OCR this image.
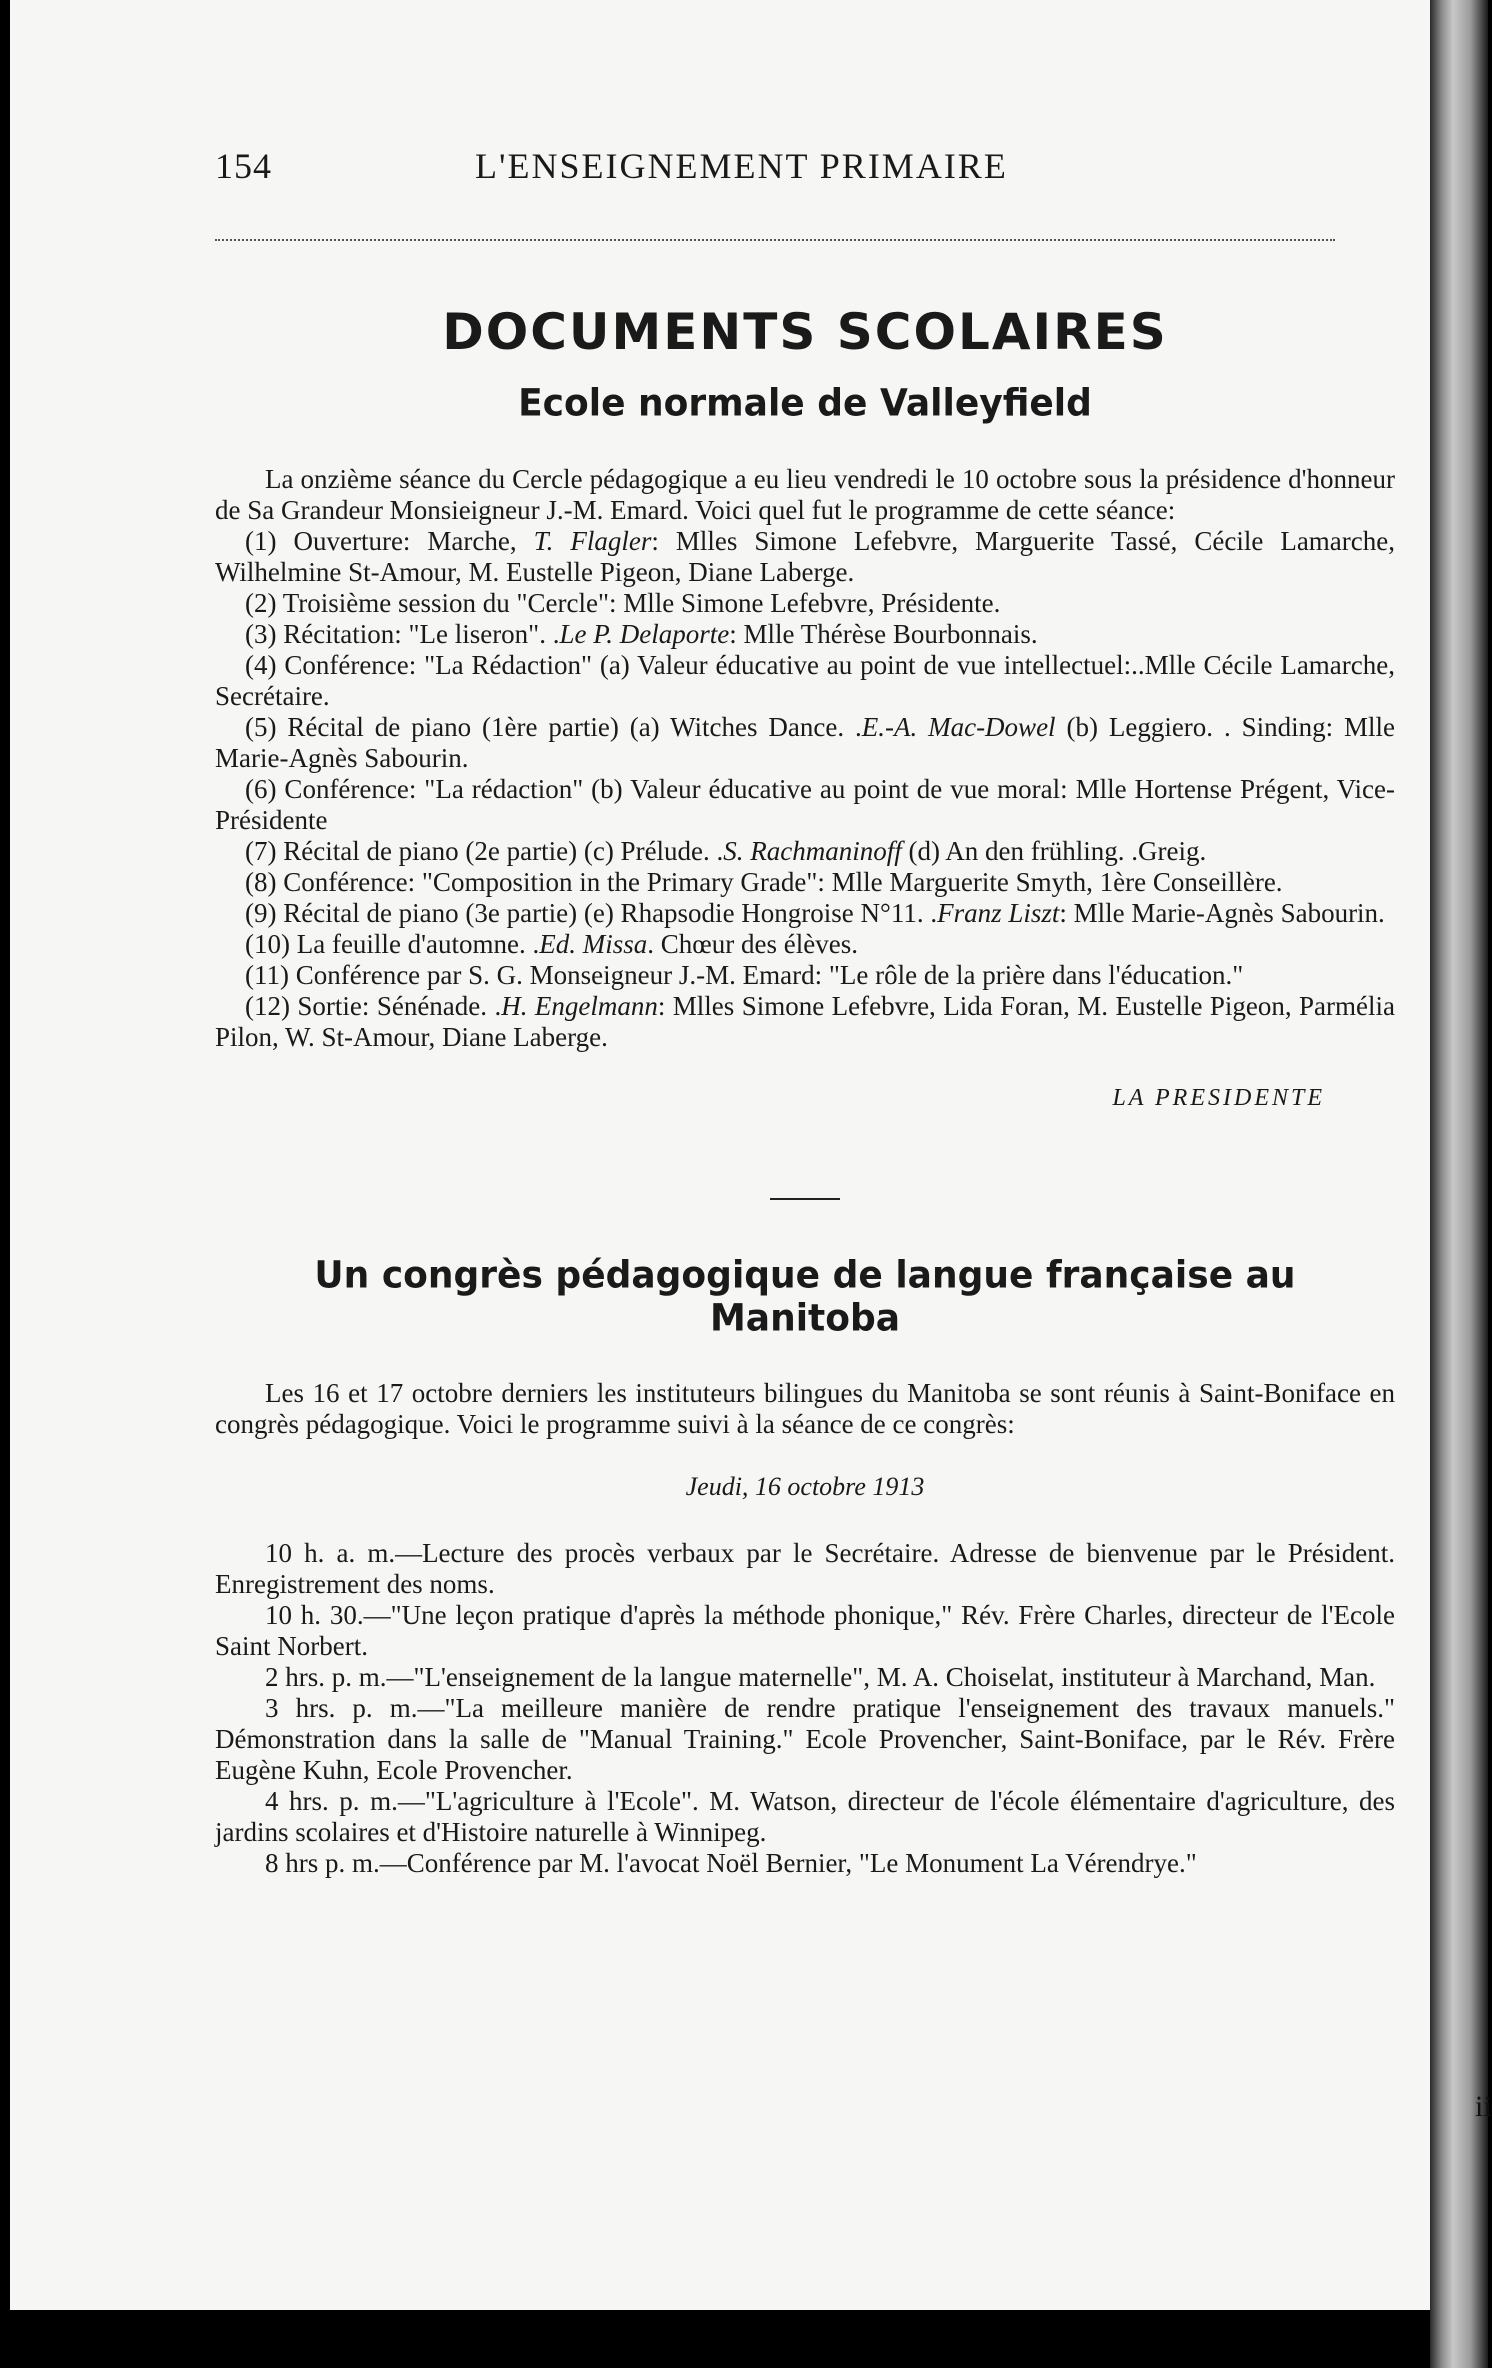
ii
154	L'ENSEIGNEMENT PRIMAIRE
DOCUMENTS SCOLAIRES
Ecole normale de Valleyfield

La onzième séance du Cercle pédagogique a eu lieu vendredi le 10 octobre sous la présidence d'honneur de Sa Grandeur Monsieigneur J.-M. Emard. Voici quel fut le programme de cette séance:

(1) Ouverture: Marche, T. Flagler: Mlles Simone Lefebvre, Marguerite Tassé, Cécile Lamarche, Wilhelmine St-Amour, M. Eustelle Pigeon, Diane Laberge.

(2) Troisième session du "Cercle": Mlle Simone Lefebvre, Présidente.

(3) Récitation: "Le liseron". .Le P. Delaporte: Mlle Thérèse Bourbonnais.

(4) Conférence: "La Rédaction" (a) Valeur éducative au point de vue intellectuel:..Mlle Cécile Lamarche, Secrétaire.

(5) Récital de piano (1ère partie) (a) Witches Dance. .E.-A. Mac-Dowel (b) Leggiero. . Sinding: Mlle Marie-Agnès Sabourin.

(6) Conférence: "La rédaction" (b) Valeur éducative au point de vue moral: Mlle Hortense Prégent, Vice-Présidente

(7) Récital de piano (2e partie) (c) Prélude. .S. Rachmaninoff (d) An den frühling. .Greig.

(8) Conférence: "Composition in the Primary Grade": Mlle Marguerite Smyth, 1ère Conseillère.

(9) Récital de piano (3e partie) (e) Rhapsodie Hongroise N°11. .Franz Liszt: Mlle Marie-Agnès Sabourin.

(10) La feuille d'automne. .Ed. Missa. Chœur des élèves.

(11) Conférence par S. G. Monseigneur J.-M. Emard: "Le rôle de la prière dans l'éducation."

(12) Sortie: Sénénade. .H. Engelmann: Mlles Simone Lefebvre, Lida Foran, M. Eustelle Pigeon, Parmélia Pilon, W. St-Amour, Diane Laberge.

LA PRESIDENTE
Un congrès pédagogique de langue française au Manitoba

Les 16 et 17 octobre derniers les instituteurs bilingues du Manitoba se sont réunis à Saint-Boniface en congrès pédagogique. Voici le programme suivi à la séance de ce congrès:

Jeudi, 16 octobre 1913

10 h. a. m.—Lecture des procès verbaux par le Secrétaire. Adresse de bienvenue par le Président. Enregistrement des noms.

10 h. 30.—"Une leçon pratique d'après la méthode phonique," Rév. Frère Charles, directeur de l'Ecole Saint Norbert.

2 hrs. p. m.—"L'enseignement de la langue maternelle", M. A. Choiselat, instituteur à Marchand, Man.

3 hrs. p. m.—"La meilleure manière de rendre pratique l'enseignement des travaux manuels." Démonstration dans la salle de "Manual Training." Ecole Provencher, Saint-Boniface, par le Rév. Frère Eugène Kuhn, Ecole Provencher.

4 hrs. p. m.—"L'agriculture à l'Ecole". M. Watson, directeur de l'école élémentaire d'agriculture, des jardins scolaires et d'Histoire naturelle à Winnipeg.

8 hrs p. m.—Conférence par M. l'avocat Noël Bernier, "Le Monument La Vérendrye."
